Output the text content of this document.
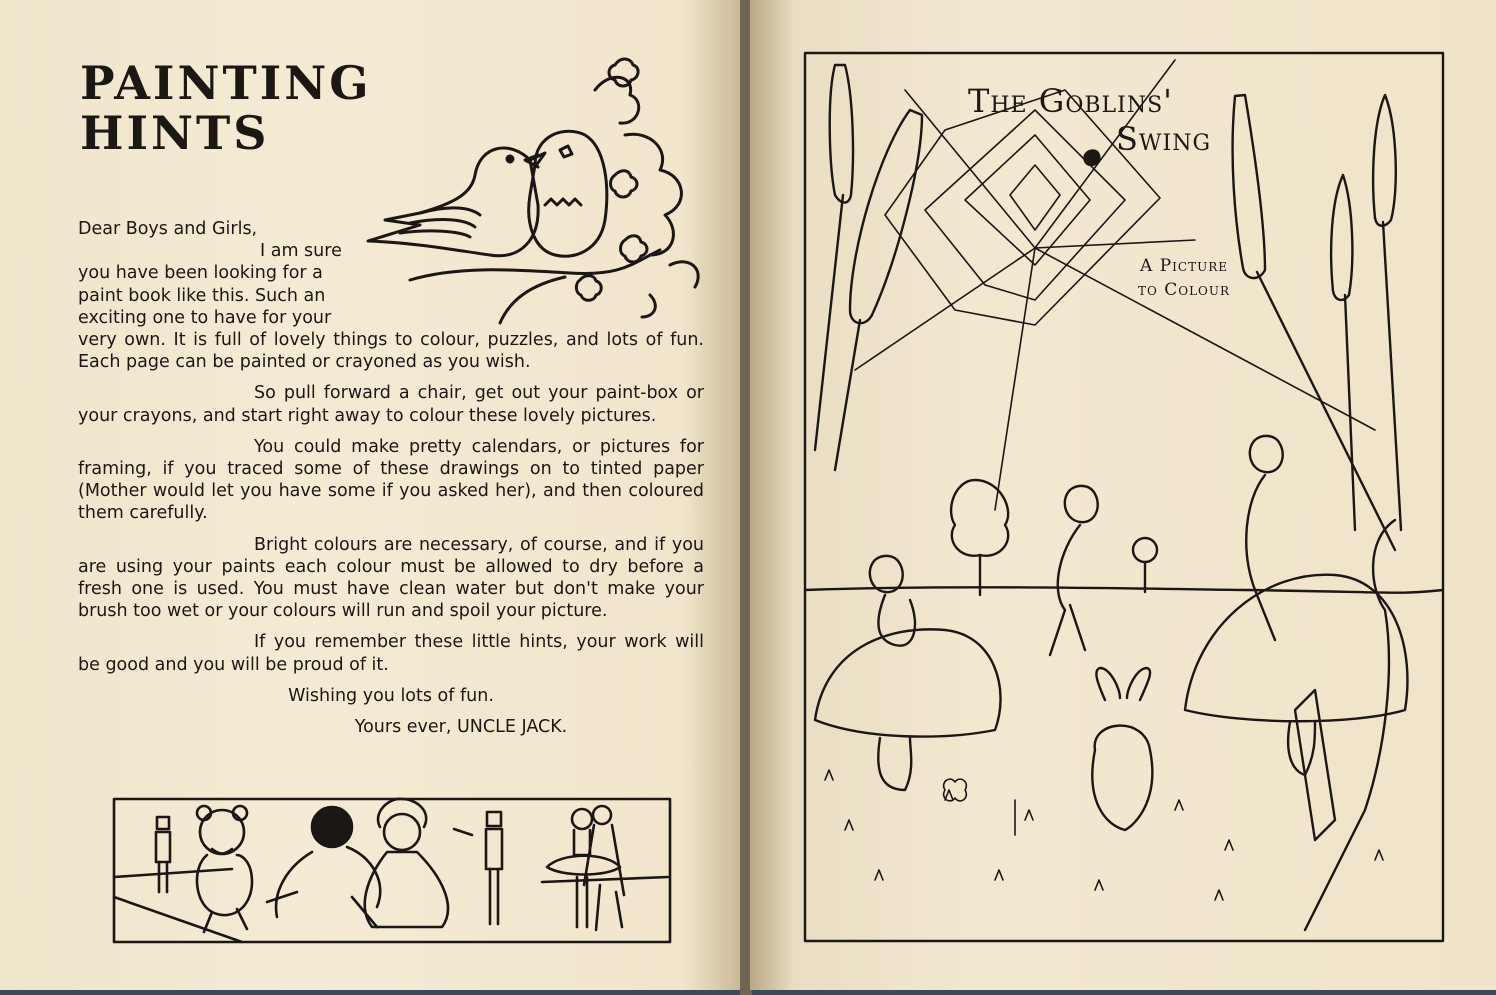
PAINTING
HINTS

Dear Boys and Girls,

I am sure

you have been looking for a

paint book like this. Such an

exciting one to have for your

very own. It is full of lovely things to colour, puzzles, and lots of fun. Each page can be painted or crayoned as you wish.

So pull forward a chair, get out your paint-box or your crayons, and start right away to colour these lovely pictures.

You could make pretty calendars, or pictures for framing, if you traced some of these drawings on to tinted paper (Mother would let you have some if you asked her), and then coloured them carefully.

Bright colours are necessary, of course, and if you are using your paints each colour must be allowed to dry before a fresh one is used. You must have clean water but don't make your brush too wet or your colours will run and spoil your picture.

If you remember these little hints, your work will be good and you will be proud of it.

Wishing you lots of fun.

Yours ever, UNCLE JACK.

The Goblins'
Swing
A Picture
to Colour
